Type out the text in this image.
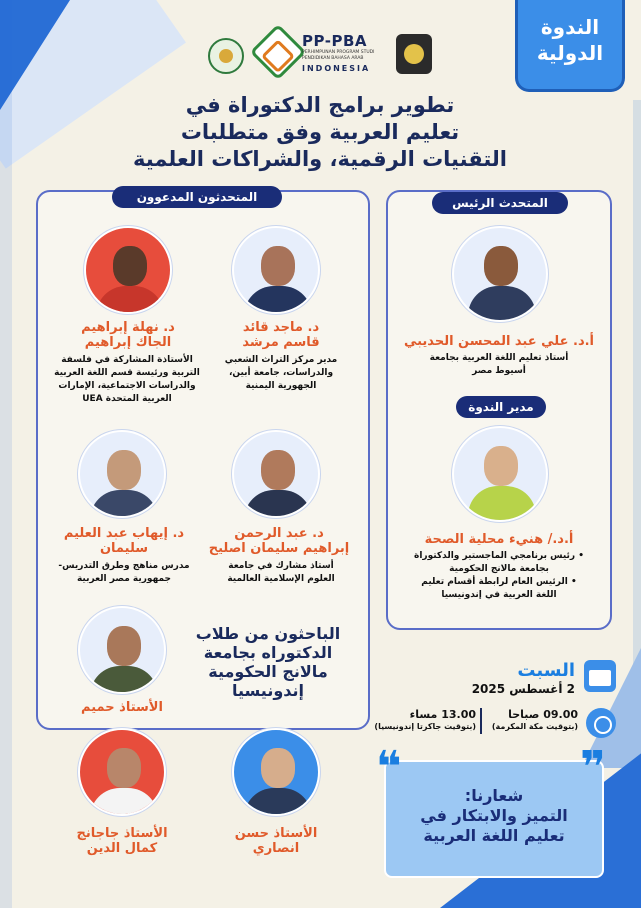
الندوة
الدولية
PP-PBA
PERHIMPUNAN PROGRAM STUDI PENDIDIKAN BAHASA ARAB
INDONESIA
تطوير برامج الدكتوراة في
تعليم العربية وفق متطلبات
التقنيات الرقمية، والشراكات العلمية
المتحدثون المدعوون	المتحدث الرئيس
مدير الندوة
أ.د. علي عبد المحسن الحديبي
أستاذ تعليم اللغة العربية بجامعة
أسيوط مصر
أ.د./ هنيء محلية الصحة
• رئيس برنامجي الماجستير والدكتوراة
بجامعة مالانج الحكومية
• الرئيس العام لرابطة أقسام تعليم
اللغة العربية في إندونيسيا
د. ماجد قائد
قاسم مرشد
مدير مركز التراث الشعبي
والدراسات، جامعة أبين،
الجهورية اليمنية
د. نهلة إبراهيم
الجاك إبراهيم
الأستاذة المشاركة في فلسفة
التربية ورئيسة قسم اللغة العربية
والدراسات الاجتماعية، الإمارات
العربية المتحدة UEA
د. عبد الرحمن
إبراهيم سليمان اصليح
أستاذ مشارك في جامعة
العلوم الإسلامية العالمية
د. إيهاب عبد العليم
سليمان
مدرس مناهج وطرق التدريس-
جمهورية مصر العربية
الباحثون من طلاب
الدكتوراه بجامعة
مالانج الحكومية
إندونيسيا
الأستاذ حميم
الأستاذ حسن
انصاري
الأستاذ جاجانج
كمال الدين
السبت
2 أغسطس 2025
09.00 صباحا
(بتوقيت مكة المكرمة)
13.00 مساء
(بتوقيت جاكرتا إندونيسيا)
❝	❞
شعارنا:
التميز والابتكار في
تعليم اللغة العربية
